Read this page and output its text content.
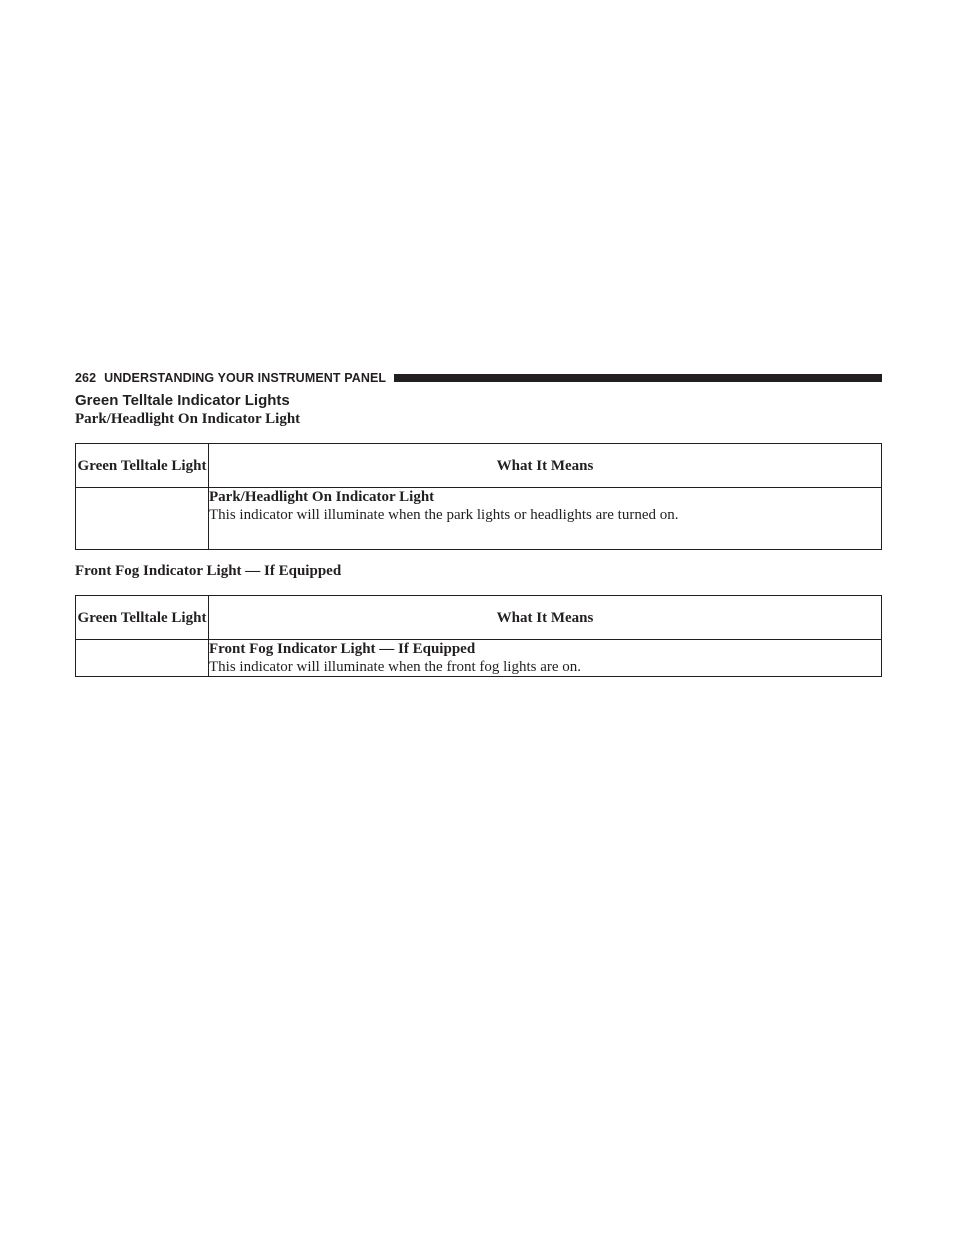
262 UNDERSTANDING YOUR INSTRUMENT PANEL
Green Telltale Indicator Lights
Park/Headlight On Indicator Light
Green Telltale Light	What It Means

	Park/Headlight On Indicator Light
This indicator will illuminate when the park lights or headlights are turned on.
Front Fog Indicator Light — If Equipped
Green Telltale Light	What It Means

	Front Fog Indicator Light — If Equipped
This indicator will illuminate when the front fog lights are on.
